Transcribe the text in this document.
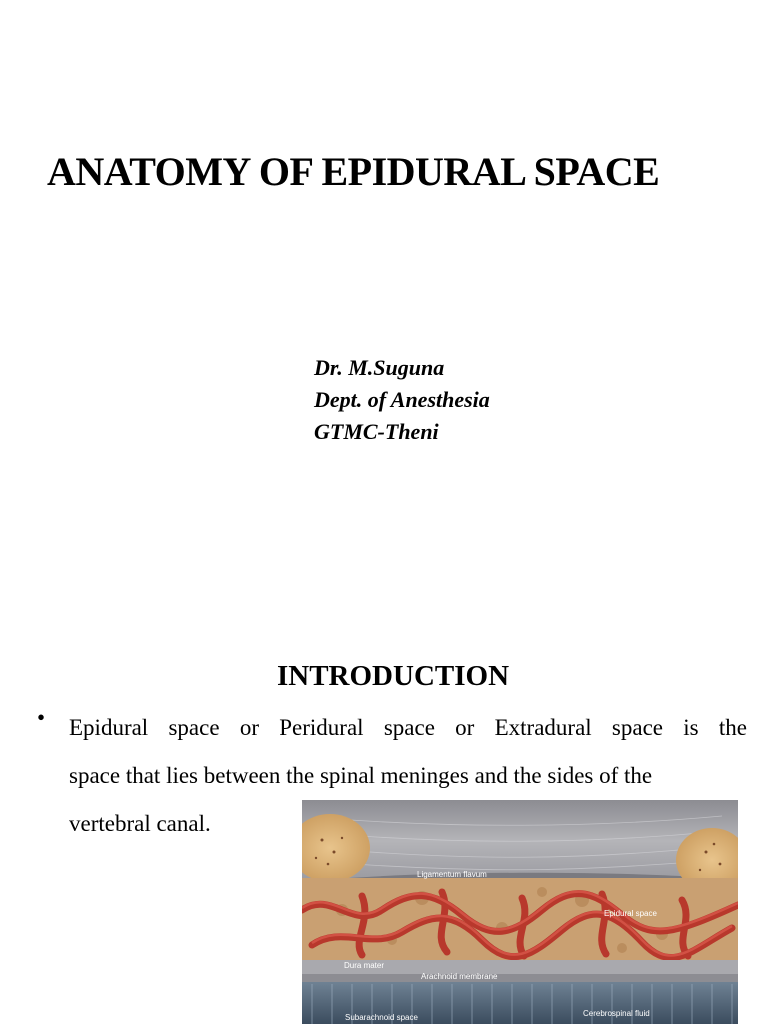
ANATOMY OF EPIDURAL SPACE
Dr. M.Suguna
Dept. of Anesthesia
GTMC-Theni
INTRODUCTION
• Epidural space or Peridural space or Extradural space is the
space that lies between the spinal meninges and the sides of the
vertebral canal.
Ligamentum flavum
Epidural space
Dura mater
Arachnoid membrane
Subarachnoid space	Cerebrospinal fluid
